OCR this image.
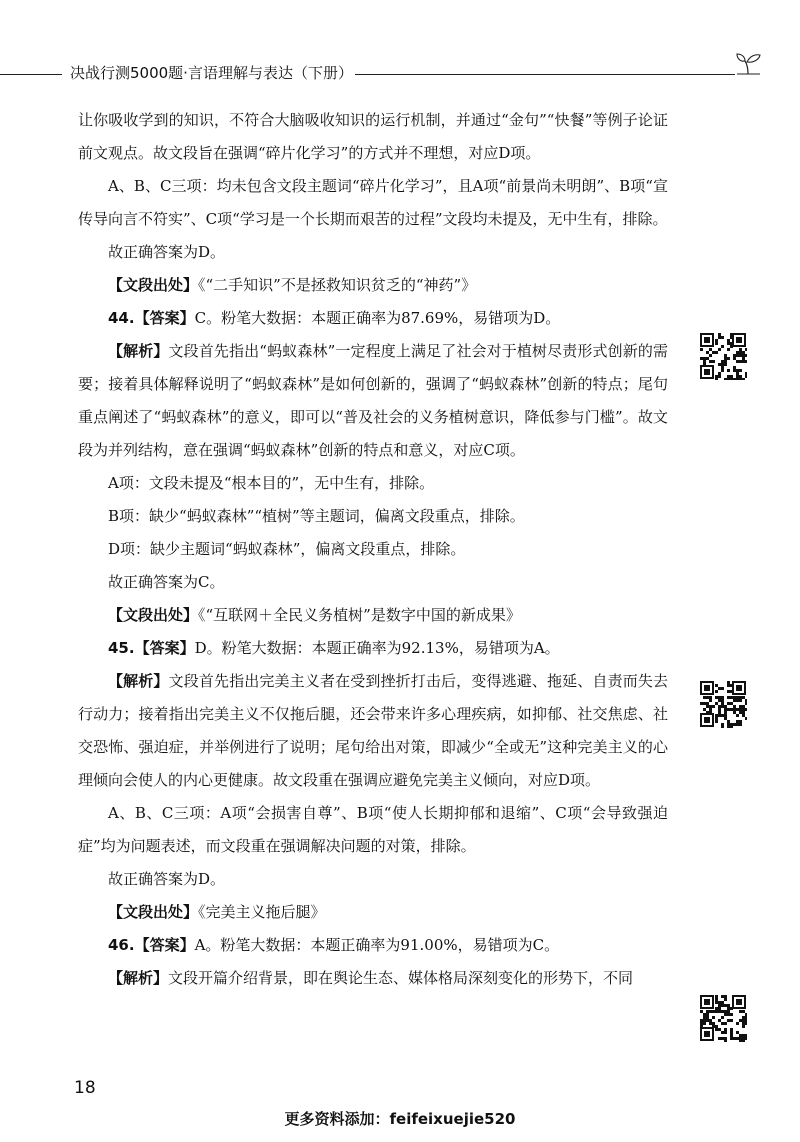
决战行测5000题·言语理解与表达（下册）

让你吸收学到的知识，不符合大脑吸收知识的运行机制，并通过“金句”“快餐”等例子论证前文观点。故文段旨在强调“碎片化学习”的方式并不理想，对应D项。

A、B、C三项：均未包含文段主题词“碎片化学习”，且A项“前景尚未明朗”、B项“宣传导向言不符实”、C项“学习是一个长期而艰苦的过程”文段均未提及，无中生有，排除。

故正确答案为D。

【文段出处】《“二手知识”不是拯救知识贫乏的“神药”》

44.【答案】C。粉笔大数据：本题正确率为87.69%，易错项为D。

【解析】文段首先指出“蚂蚁森林”一定程度上满足了社会对于植树尽责形式创新的需要；接着具体解释说明了“蚂蚁森林”是如何创新的，强调了“蚂蚁森林”创新的特点；尾句重点阐述了“蚂蚁森林”的意义，即可以“普及社会的义务植树意识，降低参与门槛”。故文段为并列结构，意在强调“蚂蚁森林”创新的特点和意义，对应C项。

A项：文段未提及“根本目的”，无中生有，排除。

B项：缺少“蚂蚁森林”“植树”等主题词，偏离文段重点，排除。

D项：缺少主题词“蚂蚁森林”，偏离文段重点，排除。

故正确答案为C。

【文段出处】《“互联网＋全民义务植树”是数字中国的新成果》

45.【答案】D。粉笔大数据：本题正确率为92.13%，易错项为A。

【解析】文段首先指出完美主义者在受到挫折打击后，变得逃避、拖延、自责而失去行动力；接着指出完美主义不仅拖后腿，还会带来许多心理疾病，如抑郁、社交焦虑、社交恐怖、强迫症，并举例进行了说明；尾句给出对策，即减少“全或无”这种完美主义的心理倾向会使人的内心更健康。故文段重在强调应避免完美主义倾向，对应D项。

A、B、C三项：A项“会损害自尊”、B项“使人长期抑郁和退缩”、C项“会导致强迫症”均为问题表述，而文段重在强调解决问题的对策，排除。

故正确答案为D。

【文段出处】《完美主义拖后腿》

46.【答案】A。粉笔大数据：本题正确率为91.00%，易错项为C。

【解析】文段开篇介绍背景，即在舆论生态、媒体格局深刻变化的形势下，不同

18
更多资料添加：feifeixuejie520
